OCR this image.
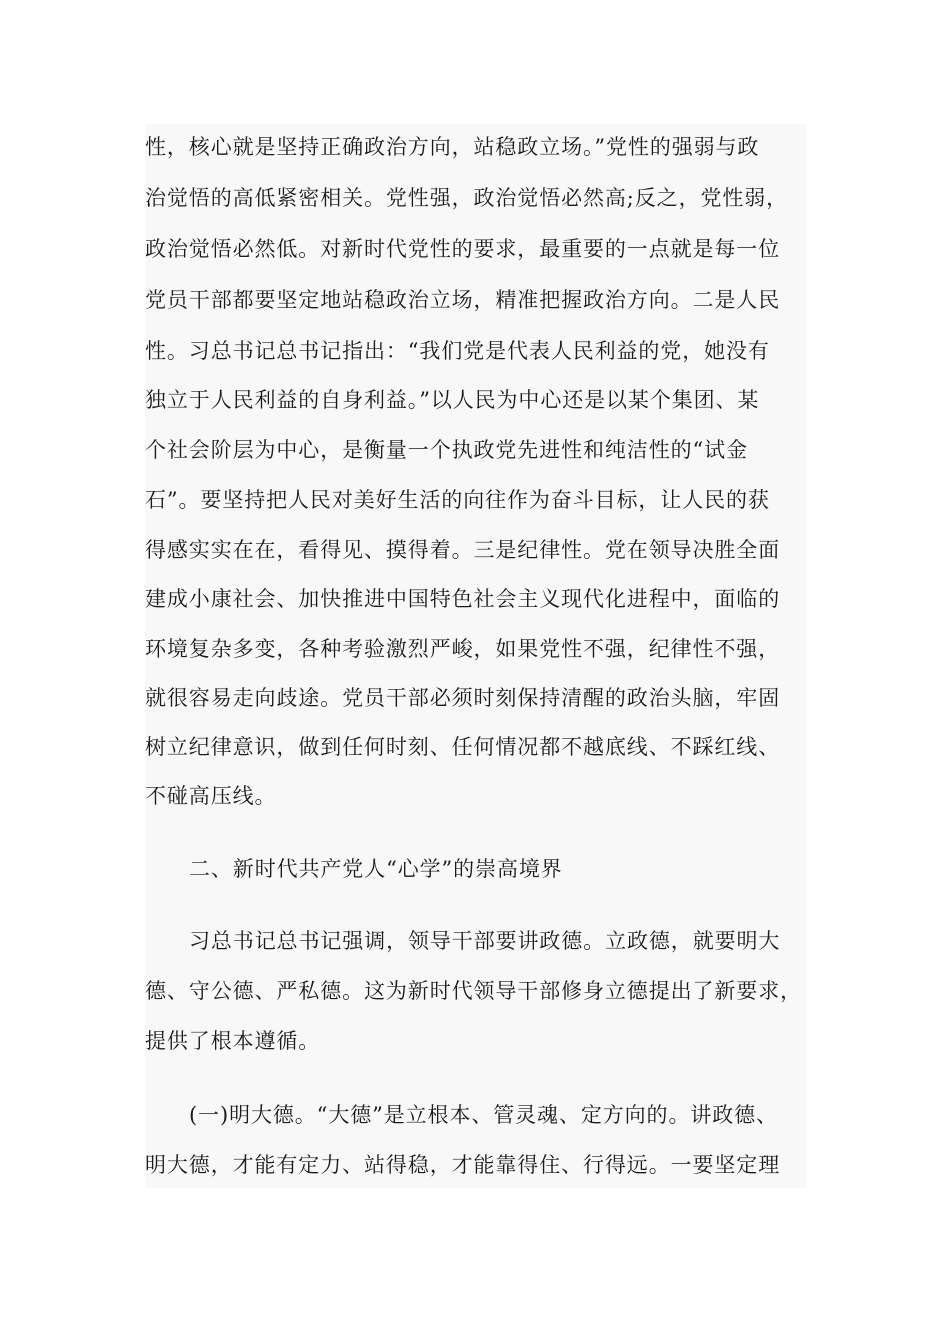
性，核心就是坚持正确政治方向，站稳政立场。”党性的强弱与政
治觉悟的高低紧密相关。党性强，政治觉悟必然高;反之，党性弱，
政治觉悟必然低。对新时代党性的要求，最重要的一点就是每一位
党员干部都要坚定地站稳政治立场，精准把握政治方向。二是人民
性。习总书记总书记指出：“我们党是代表人民利益的党，她没有
独立于人民利益的自身利益。”以人民为中心还是以某个集团、某
个社会阶层为中心，是衡量一个执政党先进性和纯洁性的“试金
石”。要坚持把人民对美好生活的向往作为奋斗目标，让人民的获
得感实实在在，看得见、摸得着。三是纪律性。党在领导决胜全面
建成小康社会、加快推进中国特色社会主义现代化进程中，面临的
环境复杂多变，各种考验激烈严峻，如果党性不强，纪律性不强，
就很容易走向歧途。党员干部必须时刻保持清醒的政治头脑，牢固
树立纪律意识，做到任何时刻、任何情况都不越底线、不踩红线、
不碰高压线。
二、新时代共产党人“心学”的崇高境界
习总书记总书记强调，领导干部要讲政德。立政德，就要明大
德、守公德、严私德。这为新时代领导干部修身立德提出了新要求，
提供了根本遵循。
(一)明大德。“大德”是立根本、管灵魂、定方向的。讲政德、
明大德，才能有定力、站得稳，才能靠得住、行得远。一要坚定理
